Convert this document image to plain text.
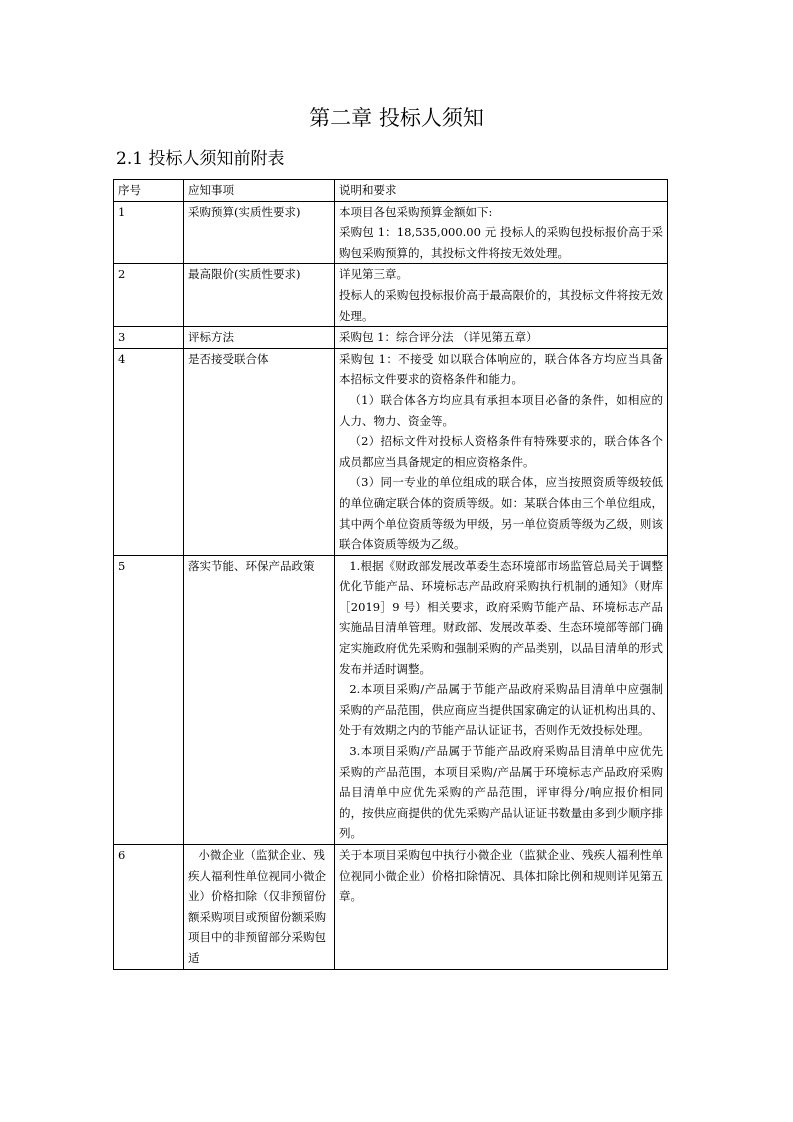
第二章 投标人须知
2.1 投标人须知前附表
序号	应知事项	说明和要求
1	采购预算(实质性要求)	本项目各包采购预算金额如下:

采购包 1：18,535,000.00 元 投标人的采购包投标报价高于采购包采购预算的，其投标文件将按无效处理。

2	最高限价(实质性要求)	详见第三章。

投标人的采购包投标报价高于最高限价的，其投标文件将按无效处理。

3	评标方法	采购包 1：综合评分法 （详见第五章）

4	是否接受联合体	采购包 1：不接受 如以联合体响应的，联合体各方均应当具备本招标文件要求的资格条件和能力。

（1）联合体各方均应具有承担本项目必备的条件，如相应的人力、物力、资金等。

（2）招标文件对投标人资格条件有特殊要求的，联合体各个成员都应当具备规定的相应资格条件。

（3）同一专业的单位组成的联合体，应当按照资质等级较低的单位确定联合体的资质等级。如：某联合体由三个单位组成，其中两个单位资质等级为甲级，另一单位资质等级为乙级，则该联合体资质等级为乙级。

5	落实节能、环保产品政策	1.根据《财政部发展改革委生态环境部市场监管总局关于调整优化节能产品、环境标志产品政府采购执行机制的通知》（财库［2019］9 号）相关要求，政府采购节能产品、环境标志产品实施品目清单管理。财政部、发展改革委、生态环境部等部门确定实施政府优先采购和强制采购的产品类别，以品目清单的形式发布并适时调整。

2.本项目采购/产品属于节能产品政府采购品目清单中应强制采购的产品范围，供应商应当提供国家确定的认证机构出具的、处于有效期之内的节能产品认证证书，否则作无效投标处理。

3.本项目采购/产品属于节能产品政府采购品目清单中应优先采购的产品范围，本项目采购/产品属于环境标志产品政府采购品目清单中应优先采购的产品范围，评审得分/响应报价相同的，按供应商提供的优先采购产品认证证书数量由多到少顺序排列。

6	小微企业（监狱企业、残疾人福利性单位视同小微企业）价格扣除（仅非预留份额采购项目或预留份额采购项目中的非预留部分采购包适	关于本项目采购包中执行小微企业（监狱企业、残疾人福利性单位视同小微企业）价格扣除情况、具体扣除比例和规则详见第五章。
